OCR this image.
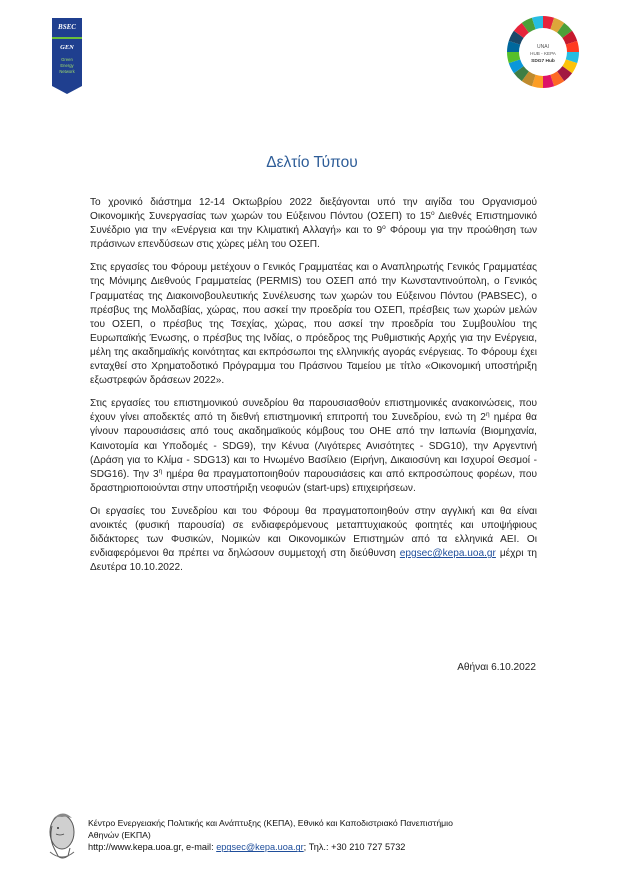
BSEC
GEN
Green
Energy
Network
UNAI
HUB - KEPA
SDG7 Hub
Δελτίο Τύπου

Το χρονικό διάστημα 12-14 Οκτωβρίου 2022 διεξάγονται υπό την αιγίδα του Οργανισμού Οικονομικής Συνεργασίας των χωρών του Εύξεινου Πόντου (ΟΣΕΠ) το $15^o$ Διεθνές Επιστημονικό Συνέδριο για την «Ενέργεια και την Κλιματική Αλλαγή» και το $9^o$ Φόρουμ για την προώθηση των πράσινων επενδύσεων στις χώρες μέλη του ΟΣΕΠ.

Στις εργασίες του Φόρουμ μετέχουν ο Γενικός Γραμματέας και ο Αναπληρωτής Γενικός Γραμματέας της Μόνιμης Διεθνούς Γραμματείας (PERMIS) του ΟΣΕΠ από την Κωνσταντινούπολη, ο Γενικός Γραμματέας της Διακοινοβουλευτικής Συνέλευσης των χωρών του Εύξεινου Πόντου (PABSEC), ο πρέσβυς της Μολδαβίας, χώρας, που ασκεί την προεδρία του ΟΣΕΠ, πρέσβεις των χωρών μελών του ΟΣΕΠ, ο πρέσβυς της Τσεχίας, χώρας, που ασκεί την προεδρία του Συμβουλίου της Ευρωπαϊκής Ένωσης, ο πρέσβυς της Ινδίας, ο πρόεδρος της Ρυθμιστικής Αρχής για την Ενέργεια, μέλη της ακαδημαϊκής κοινότητας και εκπρόσωποι της ελληνικής αγοράς ενέργειας. Το Φόρουμ έχει ενταχθεί στο Χρηματοδοτικό Πρόγραμμα του Πράσινου Ταμείου με τίτλο «Οικονομική υποστήριξη εξωστρεφών δράσεων 2022».

Στις εργασίες του επιστημονικού συνεδρίου θα παρουσιασθούν επιστημονικές ανακοινώσεις, που έχουν γίνει αποδεκτές από τη διεθνή επιστημονική επιτροπή του Συνεδρίου, ενώ τη $2^\eta$ ημέρα θα γίνουν παρουσιάσεις από τους ακαδημαϊκούς κόμβους του ΟΗΕ από την Ιαπωνία (Βιομηχανία, Καινοτομία και Υποδομές - SDG9), την Κένυα (Λιγότερες Ανισότητες - SDG10), την Αργεντινή (Δράση για το Κλίμα - SDG13) και το Ηνωμένο Βασίλειο (Ειρήνη, Δικαιοσύνη και Ισχυροί Θεσμοί - SDG16). Την $3^\eta$ ημέρα θα πραγματοποιηθούν παρουσιάσεις και από εκπροσώπους φορέων, που δραστηριοποιούνται στην υποστήριξη νεοφυών (start-ups) επιχειρήσεων.

Οι εργασίες του Συνεδρίου και του Φόρουμ θα πραγματοποιηθούν στην αγγλική και θα είναι ανοικτές (φυσική παρουσία) σε ενδιαφερόμενους μεταπτυχιακούς φοιτητές και υποψήφιους διδάκτορες των Φυσικών, Νομικών και Οικονομικών Επιστημών από τα ελληνικά ΑΕΙ. Οι ενδιαφερόμενοι θα πρέπει να δηλώσουν συμμετοχή στη διεύθυνση epgsec@kepa.uoa.gr μέχρι τη Δευτέρα 10.10.2022.

Αθήναι 6.10.2022
Κέντρο Ενεργειακής Πολιτικής και Ανάπτυξης (ΚΕΠΑ), Εθνικό και Καποδιστριακό Πανεπιστήμιο
Αθηνών (ΕΚΠΑ)
http://www.kepa.uoa.gr, e-mail: epgsec@kepa.uoa.gr; Τηλ.: +30 210 727 5732
